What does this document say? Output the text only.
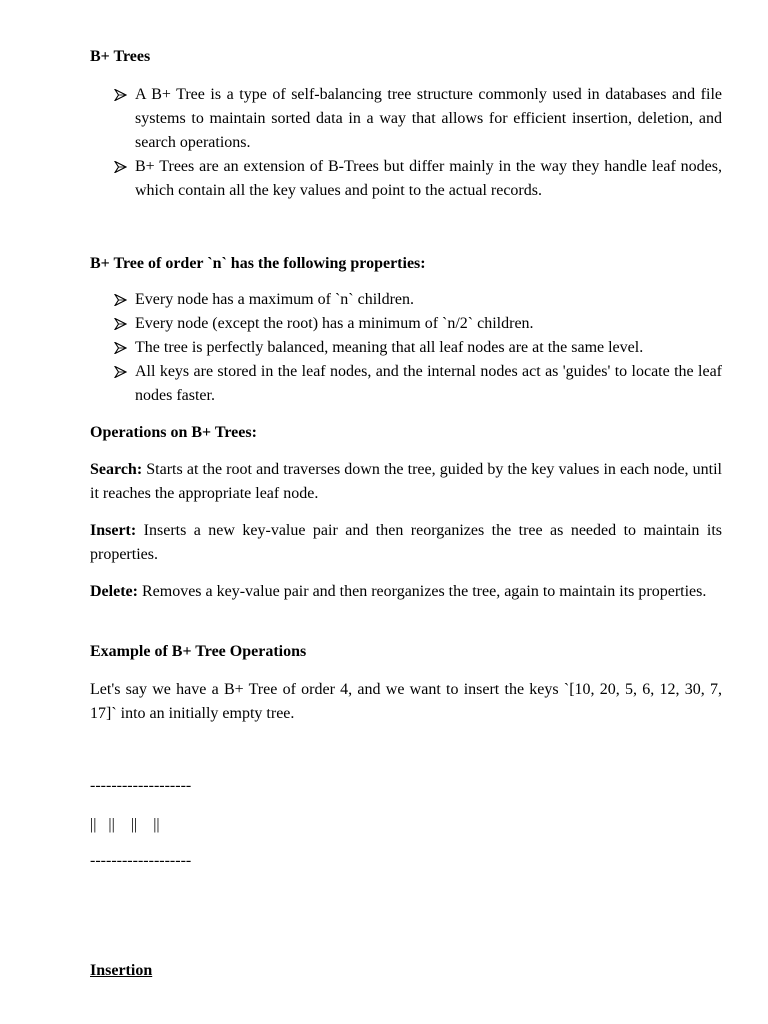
B+ Trees
A B+ Tree is a type of self-balancing tree structure commonly used in databases and file systems to maintain sorted data in a way that allows for efficient insertion, deletion, and search operations.
B+ Trees are an extension of B-Trees but differ mainly in the way they handle leaf nodes, which contain all the key values and point to the actual records.
B+ Tree of order `n` has the following properties:
Every node has a maximum of `n` children.
Every node (except the root) has a minimum of `n/2` children.
The tree is perfectly balanced, meaning that all leaf nodes are at the same level.
All keys are stored in the leaf nodes, and the internal nodes act as 'guides' to locate the leaf nodes faster.
Operations on B+ Trees:
Search: Starts at the root and traverses down the tree, guided by the key values in each node, until it reaches the appropriate leaf node.
Insert: Inserts a new key-value pair and then reorganizes the tree as needed to maintain its properties.
Delete: Removes a key-value pair and then reorganizes the tree, again to maintain its properties.
Example of B+ Tree Operations
Let's say we have a B+ Tree of order 4, and we want to insert the keys `[10, 20, 5, 6, 12, 30, 7, 17]` into an initially empty tree.
-------------------
||   ||    ||    ||
-------------------
Insertion
